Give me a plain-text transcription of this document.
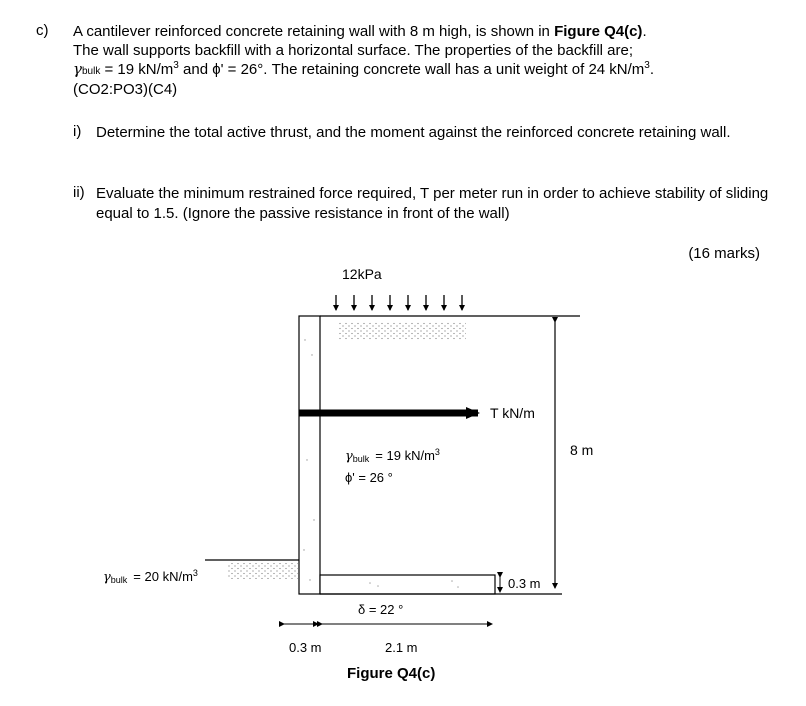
c) A cantilever reinforced concrete retaining wall with 8 m high, is shown in Figure Q4(c).
The wall supports backfill with a horizontal surface. The properties of the backfill are;
γbulk = 19 $kN/m^3$ and ϕ' = 26°. The retaining concrete wall has a unit weight of 24 $kN/m^3$.
(CO2:PO3)(C4)
i) Determine the total active thrust, and the moment against the reinforced concrete retaining wall.
ii) Evaluate the minimum restrained force required, T per meter run in order to achieve stability of sliding equal to 1.5. (Ignore the passive resistance in front of the wall)
(16 marks)
12kPa
T kN/m
8 m
γbulk = 19 $kN/m^3$
ϕ' = 26 °
γbulk = 20 $kN/m^3$
0.3 m
δ = 22 °
0.3 m	2.1 m
Figure Q4(c)
